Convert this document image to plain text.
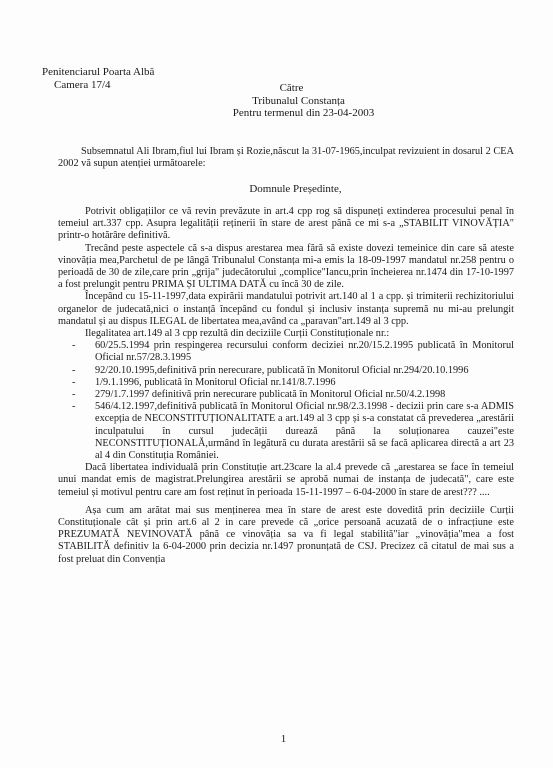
Penitenciarul Poarta Albă
Camera 17/4	Către
Tribunalul Constanța
Pentru termenul din 23-04-2003

Subsemnatul Ali Ibram,fiul lui Ibram și Rozie,născut la 31-07-1965,inculpat revizuient in dosarul 2 CEA 2002 vă supun atenției următoarele:

Domnule Președinte,

Potrivit obligațiilor ce vă revin prevăzute in art.4 cpp rog să dispuneți extinderea procesului penal în temeiul art.337 cpp. Asupra legalității reținerii în stare de arest până ce mi s-a „STABILIT VINOVĂȚIA" printr-o hotărâre definitivă.

Trecând peste aspectele că s-a dispus arestarea mea fără să existe dovezi temeinice din care să ateste vinovăția mea,Parchetul de pe lângă Tribunalul Constanța mi-a emis la 18-09-1997 mandatul nr.258 pentru o perioadă de 30 de zile,care prin „grija" judecătorului „complice"Iancu,prin încheierea nr.1474 din 17-10-1997 a fost prelungit pentru PRIMA ȘI ULTIMA DATĂ cu încă 30 de zile.

Începând cu 15-11-1997,data expirării mandatului potrivit art.140 al 1 a cpp. și trimiterii rechizitoriului organelor de judecată,nici o instanță începând cu fondul și inclusiv instanța supremă nu mi-au prelungit mandatul și au dispus ILEGAL de libertatea mea,având ca „paravan"art.149 al 3 cpp.

Ilegalitatea art.149 al 3 cpp rezultă din deciziile Curții Constituționale nr.:

- 60/25.5.1994 prin respingerea recursului conform deciziei nr.20/15.2.1995 publicată în Monitorul Oficial nr.57/28.3.1995
- 92/20.10.1995,definitivă prin nerecurare, publicată în Monitorul Oficial nr.294/20.10.1996
- 1/9.1.1996, publicată în Monitorul Oficial nr.141/8.7.1996
- 279/1.7.1997 definitivă prin nerecurare publicată în Monitorul Oficial nr.50/4.2.1998
- 546/4.12.1997,definitivă publicată în Monitorul Oficial nr.98/2.3.1998 - decizii prin care s-a ADMIS excepția de NECONSTITUȚIONALITATE a art.149 al 3 cpp și s-a constatat că prevederea „arestării inculpatului în cursul judecății durează până la soluționarea cauzei"este NECONSTITUȚIONALĂ,urmând în legătură cu durata arestării să se facă aplicarea directă a art 23 al 4 din Constituția României.

Dacă libertatea individuală prin Constituție art.23care la al.4 prevede că „arestarea se face în temeiul unui mandat emis de magistrat.Prelungirea arestării se aprobă numai de instanța de judecată", care este temeiul și motivul pentru care am fost reținut în perioada 15-11-1997 – 6-04-2000 în stare de arest??? ....

Așa cum am arătat mai sus menținerea mea în stare de arest este dovedită prin deciziile Curții Constituționale cât și prin art.6 al 2 in care prevede că „orice persoană acuzată de o infracțiune este PREZUMATĂ NEVINOVATĂ până ce vinovăția sa va fi legal stabilită"iar „vinovăția"mea a fost STABILITĂ definitiv la 6-04-2000 prin decizia nr.1497 pronunțată de CSJ. Precizez că citatul de mai sus a fost preluat din Convenția

1
